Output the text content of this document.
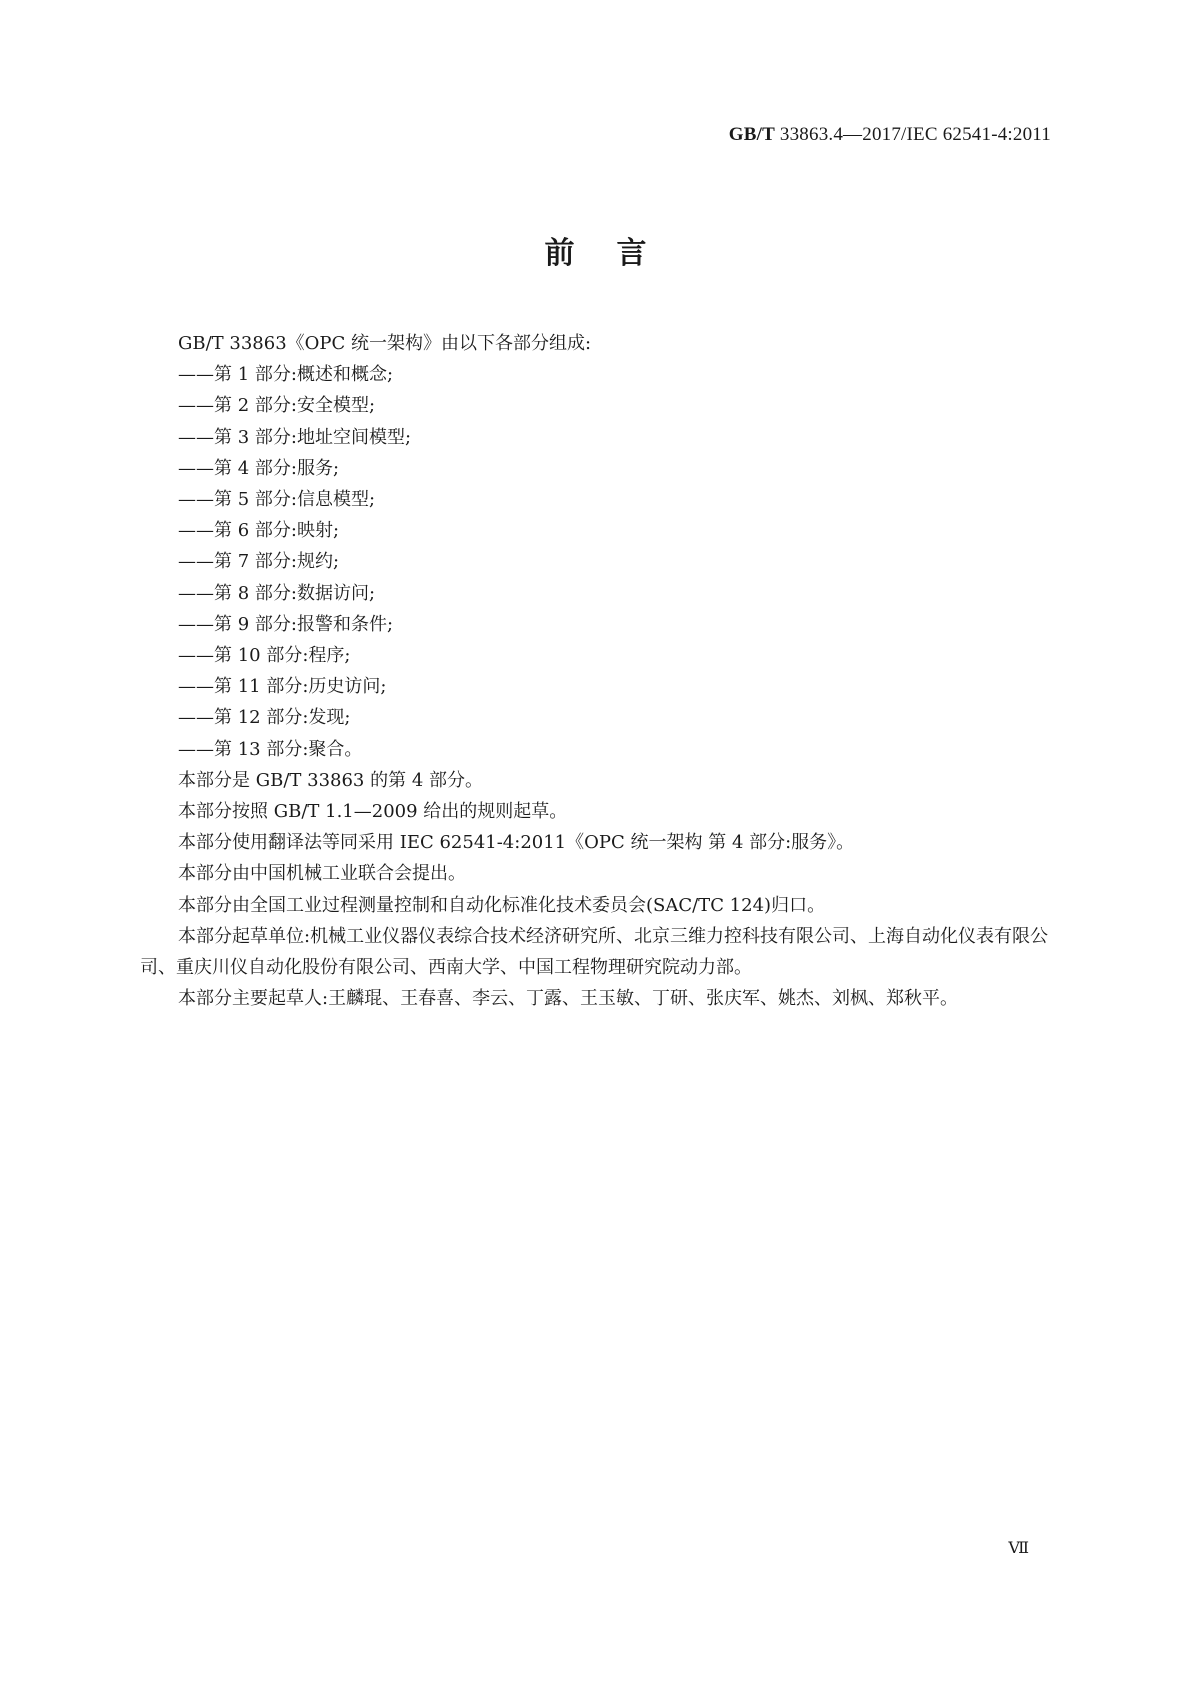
GB/T 33863.4—2017/IEC 62541-4:2011
前言

GB/T 33863《OPC 统一架构》由以下各部分组成:

——第 1 部分:概述和概念;

——第 2 部分:安全模型;

——第 3 部分:地址空间模型;

——第 4 部分:服务;

——第 5 部分:信息模型;

——第 6 部分:映射;

——第 7 部分:规约;

——第 8 部分:数据访问;

——第 9 部分:报警和条件;

——第 10 部分:程序;

——第 11 部分:历史访问;

——第 12 部分:发现;

——第 13 部分:聚合。

本部分是 GB/T 33863 的第 4 部分。

本部分按照 GB/T 1.1—2009 给出的规则起草。

本部分使用翻译法等同采用 IEC 62541-4:2011《OPC 统一架构 第 4 部分:服务》。

本部分由中国机械工业联合会提出。

本部分由全国工业过程测量控制和自动化标准化技术委员会(SAC/TC 124)归口。

本部分起草单位:机械工业仪器仪表综合技术经济研究所、北京三维力控科技有限公司、上海自动化仪表有限公司、重庆川仪自动化股份有限公司、西南大学、中国工程物理研究院动力部。

本部分主要起草人:王麟琨、王春喜、李云、丁露、王玉敏、丁研、张庆军、姚杰、刘枫、郑秋平。

Ⅶ
